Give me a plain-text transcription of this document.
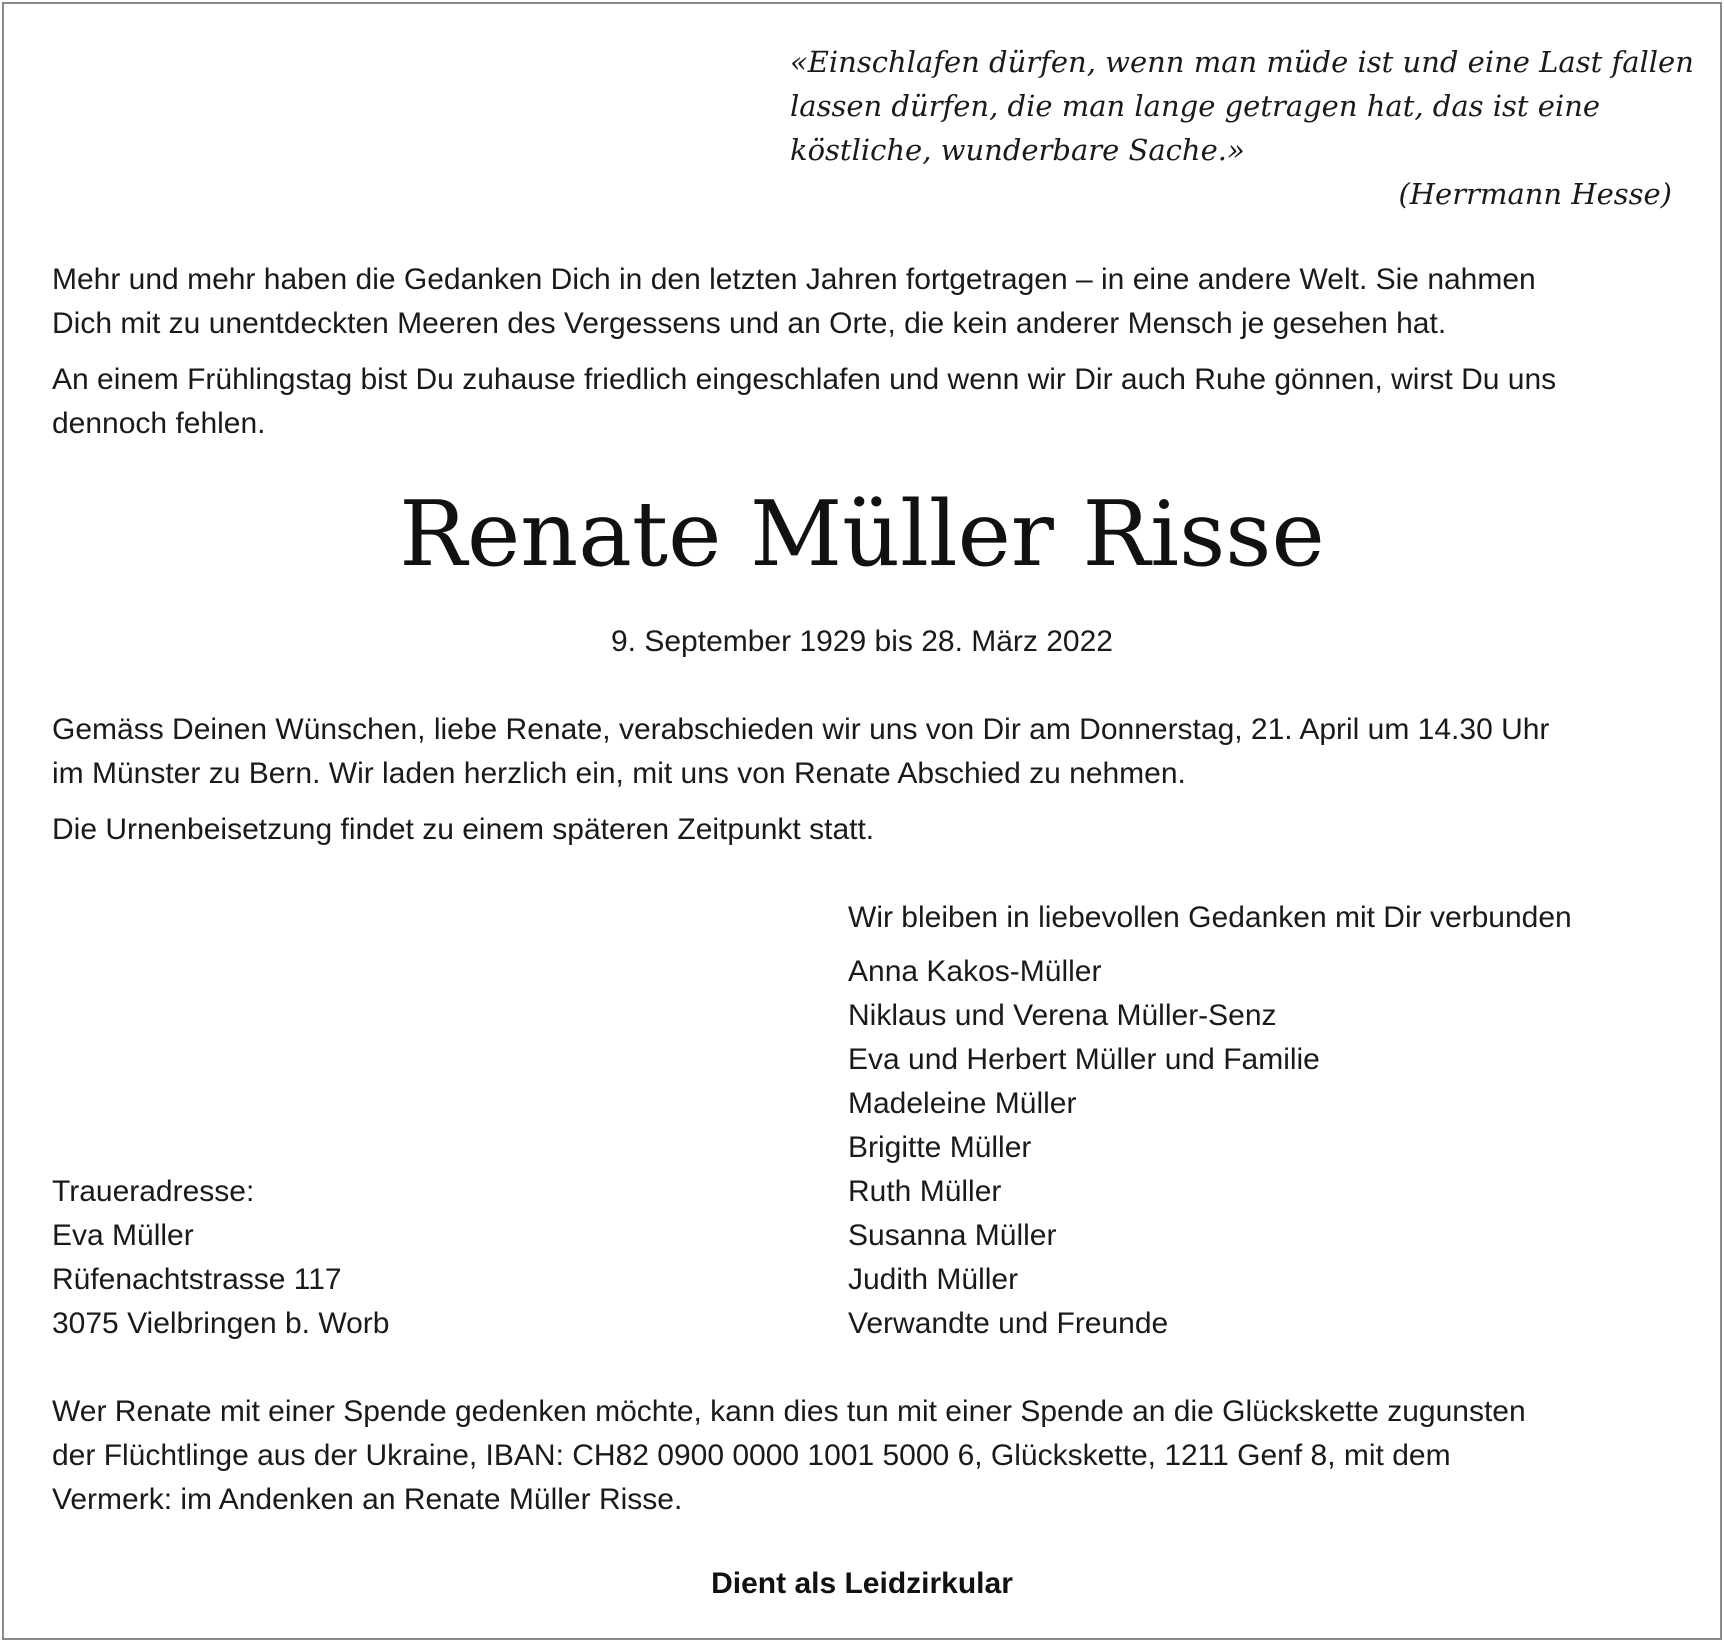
«Einschlafen dürfen, wenn man müde ist und eine Last fallen
lassen dürfen, die man lange getragen hat, das ist eine
köstliche, wunderbare Sache.»
(Herrmann Hesse)
Mehr und mehr haben die Gedanken Dich in den letzten Jahren fortgetragen – in eine andere Welt. Sie nahmen
Dich mit zu unentdeckten Meeren des Vergessens und an Orte, die kein anderer Mensch je gesehen hat.
An einem Frühlingstag bist Du zuhause friedlich eingeschlafen und wenn wir Dir auch Ruhe gönnen, wirst Du uns
dennoch fehlen.
Renate Müller Risse
9. September 1929 bis 28. März 2022
Gemäss Deinen Wünschen, liebe Renate, verabschieden wir uns von Dir am Donnerstag, 21. April um 14.30 Uhr
im Münster zu Bern. Wir laden herzlich ein, mit uns von Renate Abschied zu nehmen.
Die Urnenbeisetzung findet zu einem späteren Zeitpunkt statt.
Wir bleiben in liebevollen Gedanken mit Dir verbunden
Anna Kakos-Müller
Niklaus und Verena Müller-Senz
Eva und Herbert Müller und Familie
Madeleine Müller
Brigitte Müller
Ruth Müller
Susanna Müller
Judith Müller
Verwandte und Freunde
Traueradresse:
Eva Müller
Rüfenachtstrasse 117
3075 Vielbringen b. Worb
Wer Renate mit einer Spende gedenken möchte, kann dies tun mit einer Spende an die Glückskette zugunsten
der Flüchtlinge aus der Ukraine, IBAN: CH82 0900 0000 1001 5000 6, Glückskette, 1211 Genf 8, mit dem
Vermerk: im Andenken an Renate Müller Risse.
Dient als Leidzirkular
